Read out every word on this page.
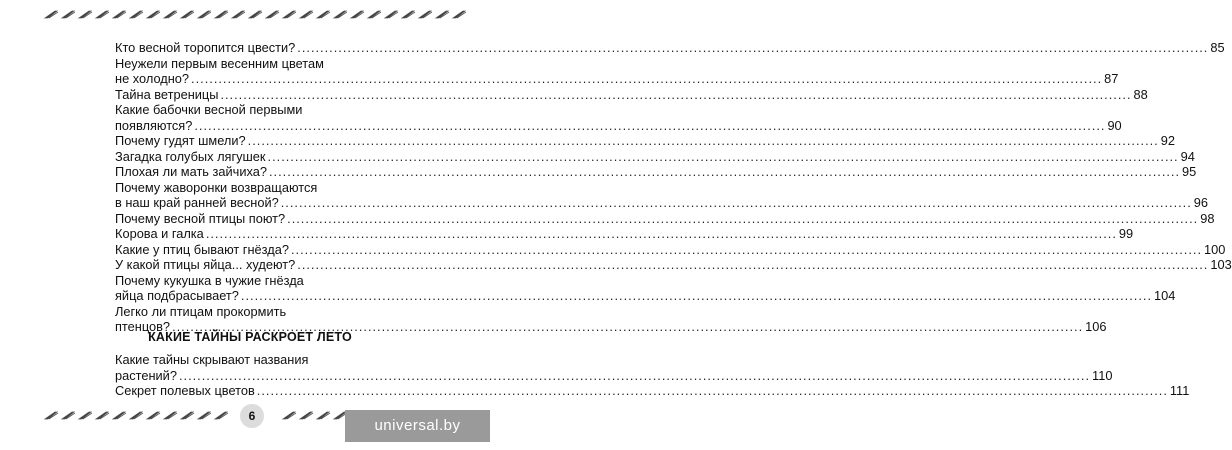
Кто весной торопится цвести? ........................................................................................................................................................................................................ 85
Неужели первым весенним цветам
не холодно? ........................................................................................................................................................................................................ 87
Тайна ветреницы ........................................................................................................................................................................................................ 88
Какие бабочки весной первыми
появляются? ........................................................................................................................................................................................................ 90
Почему гудят шмели? ........................................................................................................................................................................................................ 92
Загадка голубых лягушек ........................................................................................................................................................................................................ 94
Плохая ли мать зайчиха? ........................................................................................................................................................................................................ 95
Почему жаворонки возвращаются
в наш край ранней весной? ........................................................................................................................................................................................................ 96
Почему весной птицы поют? ........................................................................................................................................................................................................ 98
Корова и галка ........................................................................................................................................................................................................ 99
Какие у птиц бывают гнёзда? ........................................................................................................................................................................................................ 100
У какой птицы яйца... худеют? ........................................................................................................................................................................................................ 103
Почему кукушка в чужие гнёзда
яйца подбрасывает? ........................................................................................................................................................................................................ 104
Легко ли птицам прокормить
птенцов? ........................................................................................................................................................................................................ 106
КАКИЕ ТАЙНЫ РАСКРОЕТ ЛЕТО
Какие тайны скрывают названия
растений? ........................................................................................................................................................................................................ 110
Секрет полевых цветов ........................................................................................................................................................................................................ 111
6
universal.by
